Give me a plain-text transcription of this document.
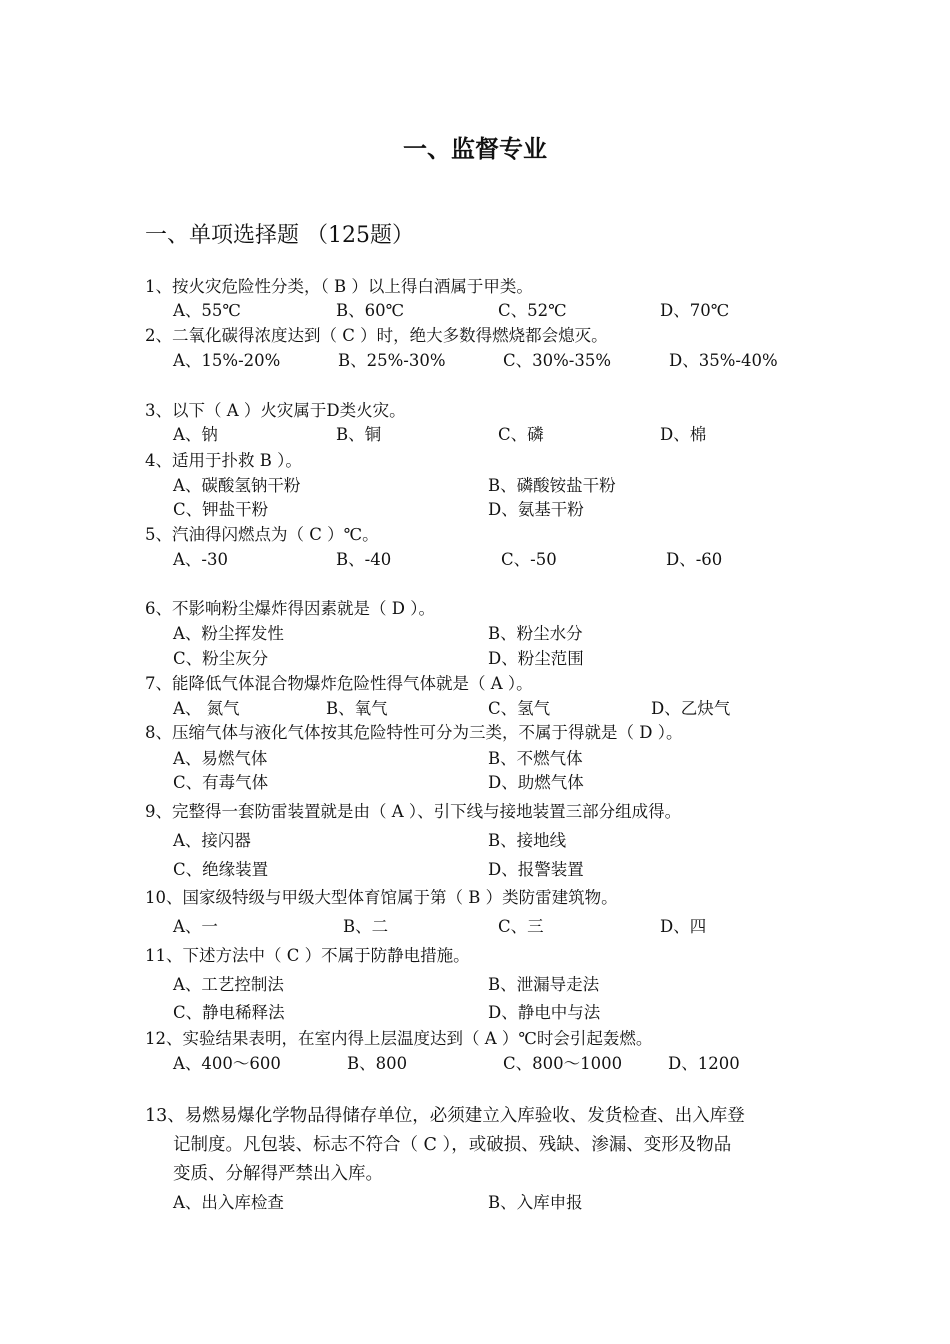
一、监督专业
一、单项选择题 （125题）
1、按火灾危险性分类，（ B ）以上得白酒属于甲类。
A、55℃	B、60℃	C、52℃	D、70℃
2、二氧化碳得浓度达到（ C ）时，绝大多数得燃烧都会熄灭。
A、15%-20%	B、25%-30%	C、30%-35%	D、35%-40%
3、以下（ A ）火灾属于D类火灾。
A、钠	B、铜	C、磷	D、棉
4、适用于扑救 B ）。
A、碳酸氢钠干粉	B、磷酸铵盐干粉
C、钾盐干粉	D、氨基干粉
5、汽油得闪燃点为（ C ）℃。
A、-30	B、-40	C、-50	D、-60
6、不影响粉尘爆炸得因素就是（ D ）。
A、粉尘挥发性	B、粉尘水分
C、粉尘灰分	D、粉尘范围
7、能降低气体混合物爆炸危险性得气体就是（ A ）。
A、 氮气	B、氧气	C、氢气	D、乙炔气
8、压缩气体与液化气体按其危险特性可分为三类，不属于得就是（ D ）。
A、易燃气体	B、不燃气体
C、有毒气体	D、助燃气体
9、完整得一套防雷装置就是由（ A ）、引下线与接地装置三部分组成得。
A、接闪器	B、接地线
C、绝缘装置	D、报警装置
10、国家级特级与甲级大型体育馆属于第（ B ）类防雷建筑物。
A、一	B、二	C、三	D、四
11、下述方法中（ C ）不属于防静电措施。
A、工艺控制法	B、泄漏导走法
C、静电稀释法	D、静电中与法
12、实验结果表明，在室内得上层温度达到（ A ）℃时会引起轰燃。
A、400～600	B、800	C、800～1000	D、1200
13、易燃易爆化学物品得储存单位，必须建立入库验收、发货检查、出入库登
记制度。凡包装、标志不符合（ C ），或破损、残缺、渗漏、变形及物品
变质、分解得严禁出入库。
A、出入库检查	B、入库申报
